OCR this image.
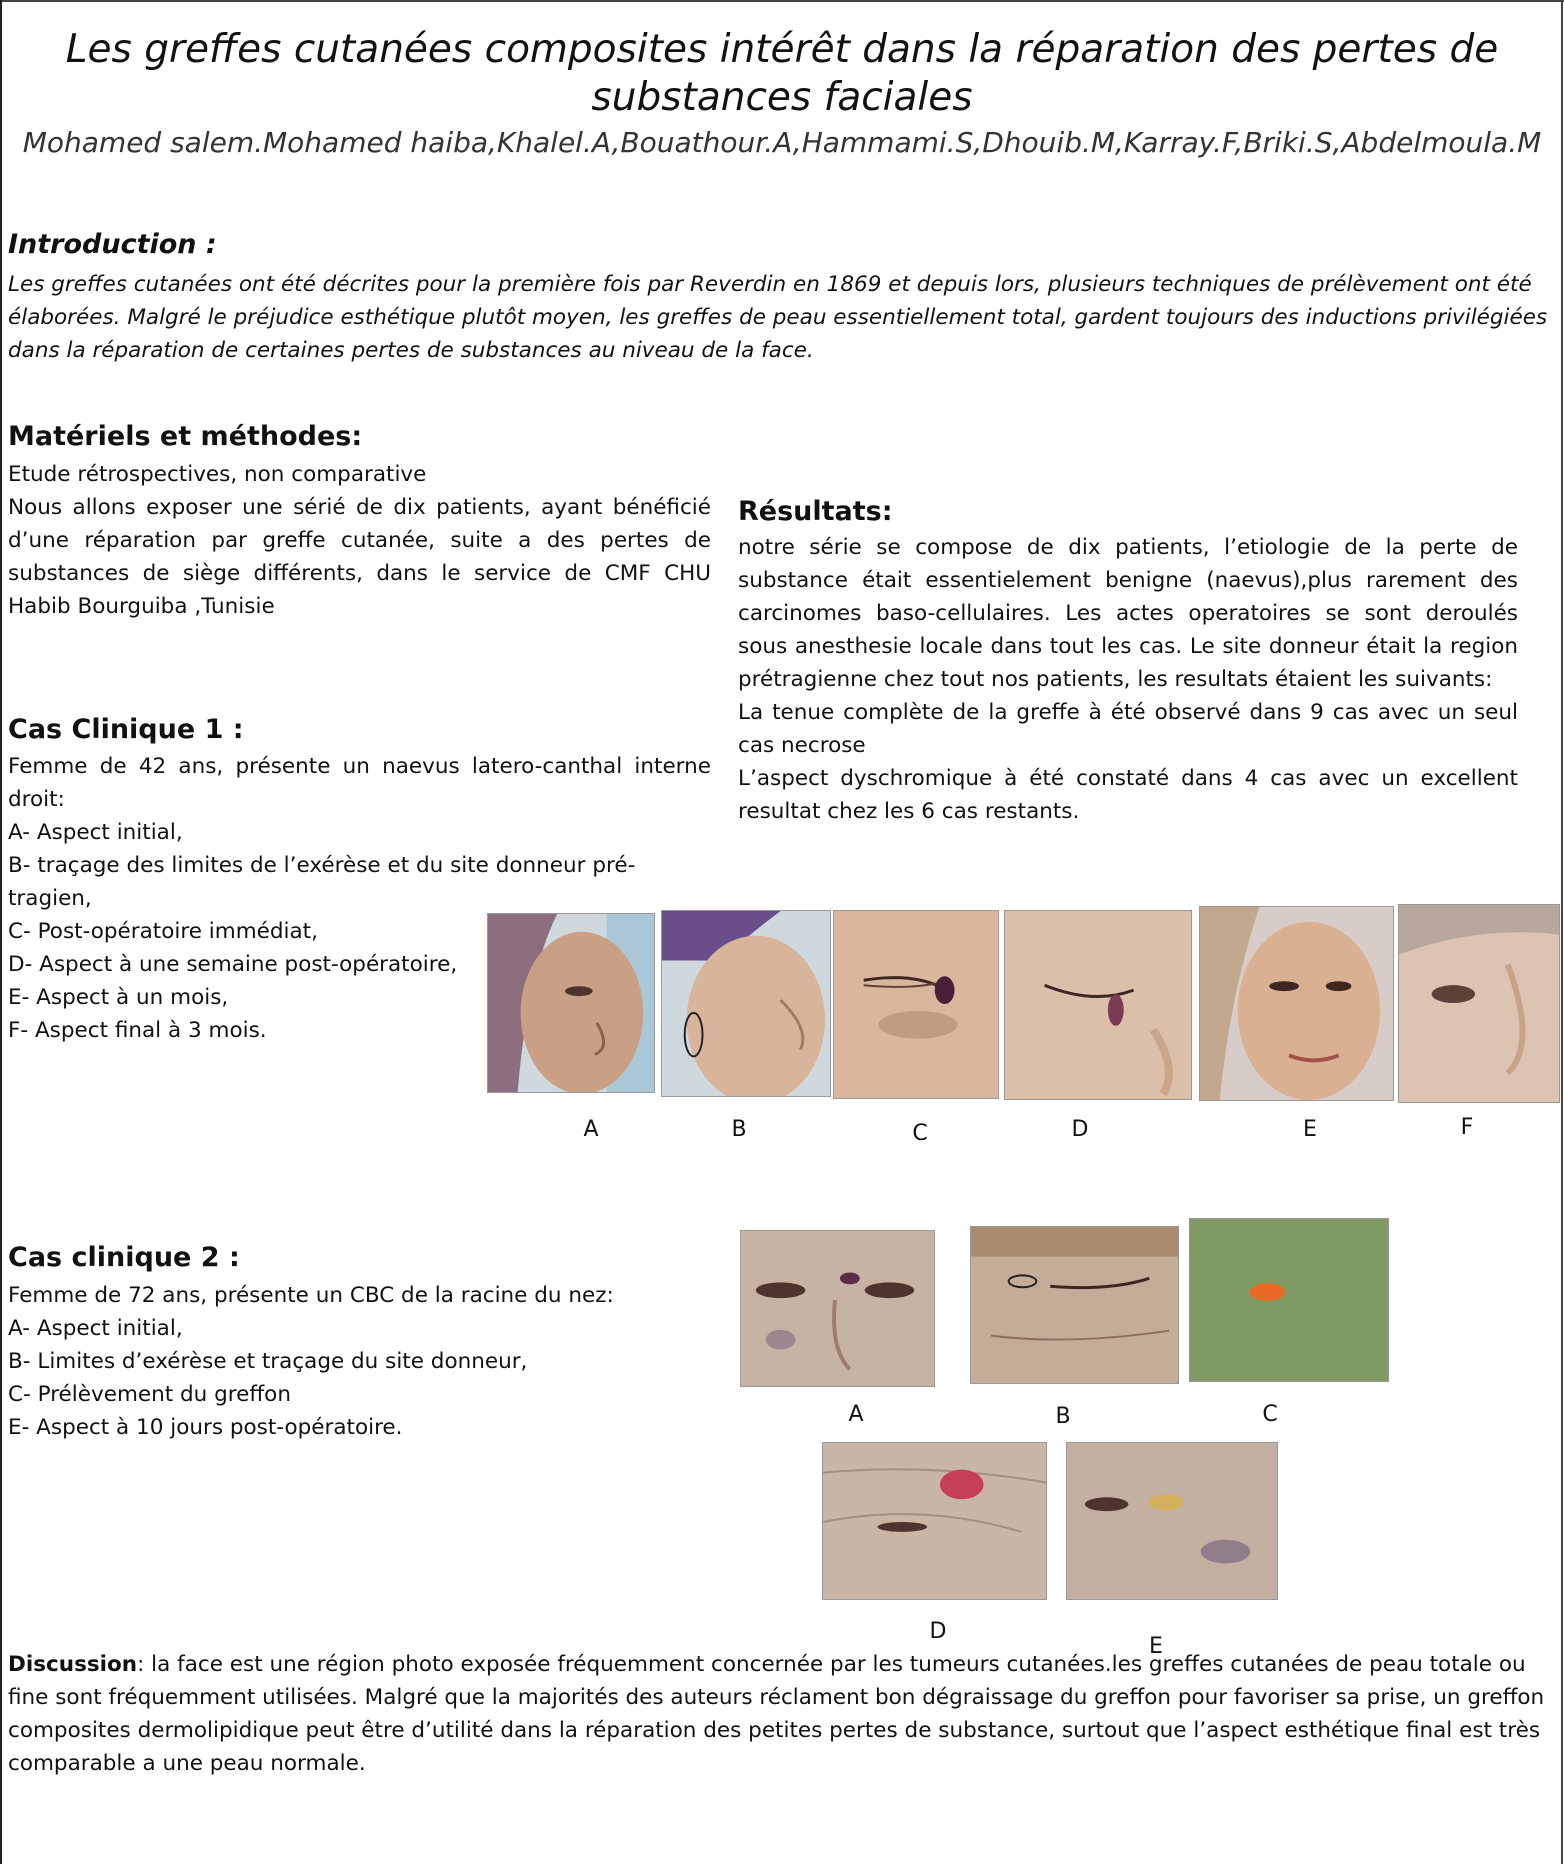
Les greffes cutanées composites intérêt dans la réparation des pertes de substances faciales
Mohamed salem.Mohamed haiba,Khalel.A,Bouathour.A,Hammami.S,Dhouib.M,Karray.F,Briki.S,Abdelmoula.M
Introduction :

Les greffes cutanées ont été décrites pour la première fois par Reverdin en 1869 et depuis lors, plusieurs techniques de prélèvement ont été élaborées. Malgré le préjudice esthétique plutôt moyen, les greffes de peau essentiellement total, gardent toujours des inductions privilégiées dans la réparation de certaines pertes de substances au niveau de la face.

Matériels et méthodes:
Etude rétrospectives, non comparative
Nous allons exposer une sérié de dix patients, ayant bénéficié d’une réparation par greffe cutanée, suite a des pertes de substances de siège différents, dans le service de CMF CHU Habib Bourguiba ,Tunisie
Résultats:
notre série se compose de dix patients, l’etiologie de la perte de substance était essentielement benigne (naevus),plus rarement des carcinomes baso-cellulaires. Les actes operatoires se sont deroulés sous anesthesie locale dans tout les cas. Le site donneur était la region prétragienne chez tout nos patients, les resultats étaient les suivants:
La tenue complète de la greffe à été observé dans 9 cas avec un seul cas necrose
L’aspect dyschromique à été constaté dans 4 cas avec un excellent resultat chez les 6 cas restants.
Cas Clinique 1 :
Femme de 42 ans, présente un naevus latero-canthal interne droit:
A- Aspect initial,
B- traçage des limites de l’exérèse et du site donneur pré-tragien,
C- Post-opératoire immédiat,
D- Aspect à une semaine post-opératoire,
E- Aspect à un mois,
F- Aspect final à 3 mois.
A	B	C	D	E	F
Cas clinique 2 :
Femme de 72 ans, présente un CBC de la racine du nez:
A- Aspect initial,
B- Limites d’exérèse et traçage du site donneur,
C- Prélèvement du greffon
E- Aspect à 10 jours post-opératoire.
A	B	C
D
E

Discussion: la face est une région photo exposée fréquemment concernée par les tumeurs cutanées.les greffes cutanées de peau totale ou fine sont fréquemment utilisées. Malgré que la majorités des auteurs réclament bon dégraissage du greffon pour favoriser sa prise, un greffon composites dermolipidique peut être d’utilité dans la réparation des petites pertes de substance, surtout que l’aspect esthétique final est très comparable a une peau normale.
